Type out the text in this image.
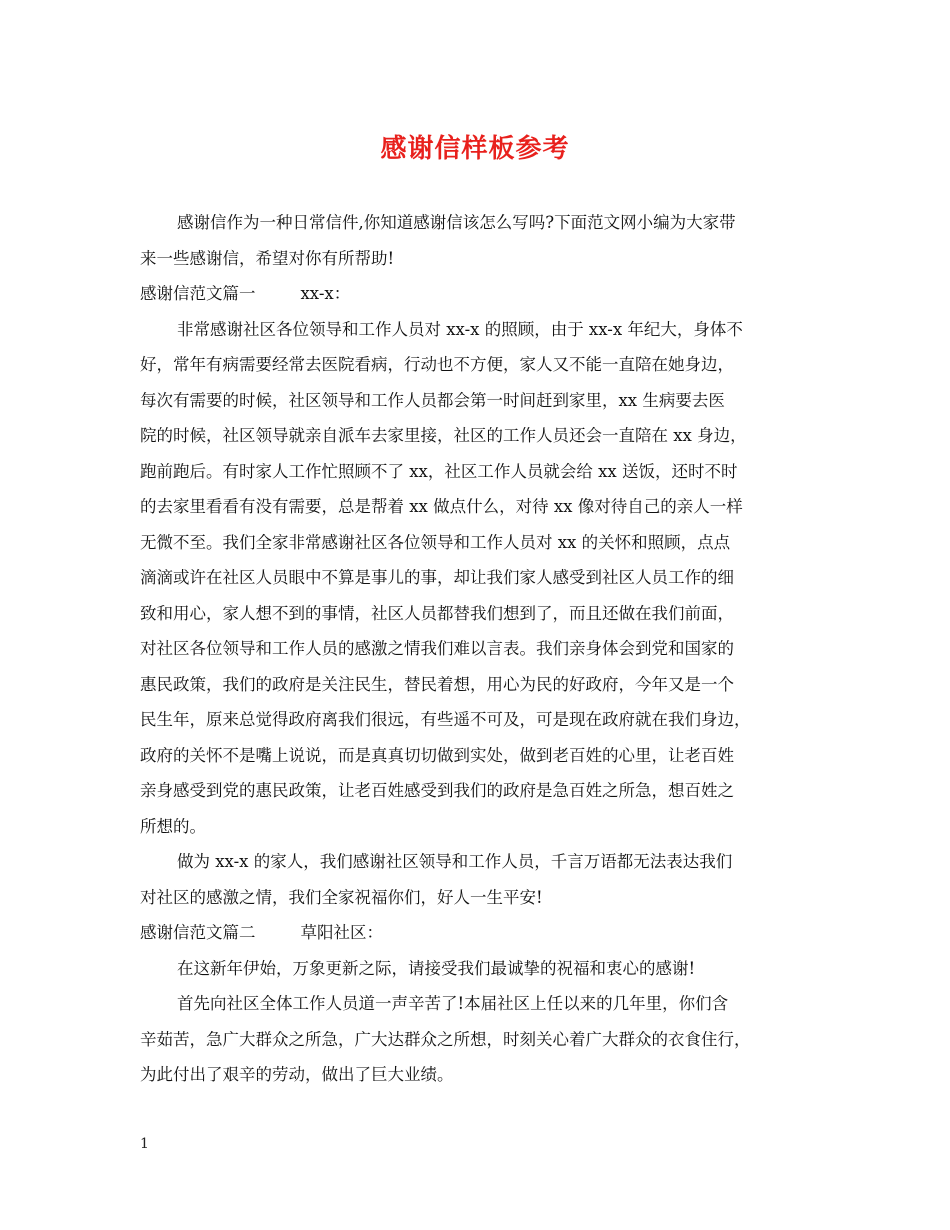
感谢信样板参考
感谢信作为一种日常信件,你知道感谢信该怎么写吗?下面范文网小编为大家带
来一些感谢信，希望对你有所帮助!
感谢信范文篇一	xx-x：
非常感谢社区各位领导和工作人员对 xx-x 的照顾，由于 xx-x 年纪大，身体不
好，常年有病需要经常去医院看病，行动也不方便，家人又不能一直陪在她身边，
每次有需要的时候，社区领导和工作人员都会第一时间赶到家里，xx 生病要去医
院的时候，社区领导就亲自派车去家里接，社区的工作人员还会一直陪在 xx 身边，
跑前跑后。有时家人工作忙照顾不了 xx，社区工作人员就会给 xx 送饭，还时不时
的去家里看看有没有需要，总是帮着 xx 做点什么，对待 xx 像对待自己的亲人一样
无微不至。我们全家非常感谢社区各位领导和工作人员对 xx 的关怀和照顾，点点
滴滴或许在社区人员眼中不算是事儿的事，却让我们家人感受到社区人员工作的细
致和用心，家人想不到的事情，社区人员都替我们想到了，而且还做在我们前面，
对社区各位领导和工作人员的感激之情我们难以言表。我们亲身体会到党和国家的
惠民政策，我们的政府是关注民生，替民着想，用心为民的好政府，今年又是一个
民生年，原来总觉得政府离我们很远，有些遥不可及，可是现在政府就在我们身边，
政府的关怀不是嘴上说说，而是真真切切做到实处，做到老百姓的心里，让老百姓
亲身感受到党的惠民政策，让老百姓感受到我们的政府是急百姓之所急，想百姓之
所想的。
做为 xx-x 的家人，我们感谢社区领导和工作人员，千言万语都无法表达我们
对社区的感激之情，我们全家祝福你们，好人一生平安!
感谢信范文篇二	草阳社区：
在这新年伊始，万象更新之际，请接受我们最诚挚的祝福和衷心的感谢!
首先向社区全体工作人员道一声辛苦了!本届社区上任以来的几年里，你们含
辛茹苦，急广大群众之所急，广大达群众之所想，时刻关心着广大群众的衣食住行，
为此付出了艰辛的劳动，做出了巨大业绩。
1
